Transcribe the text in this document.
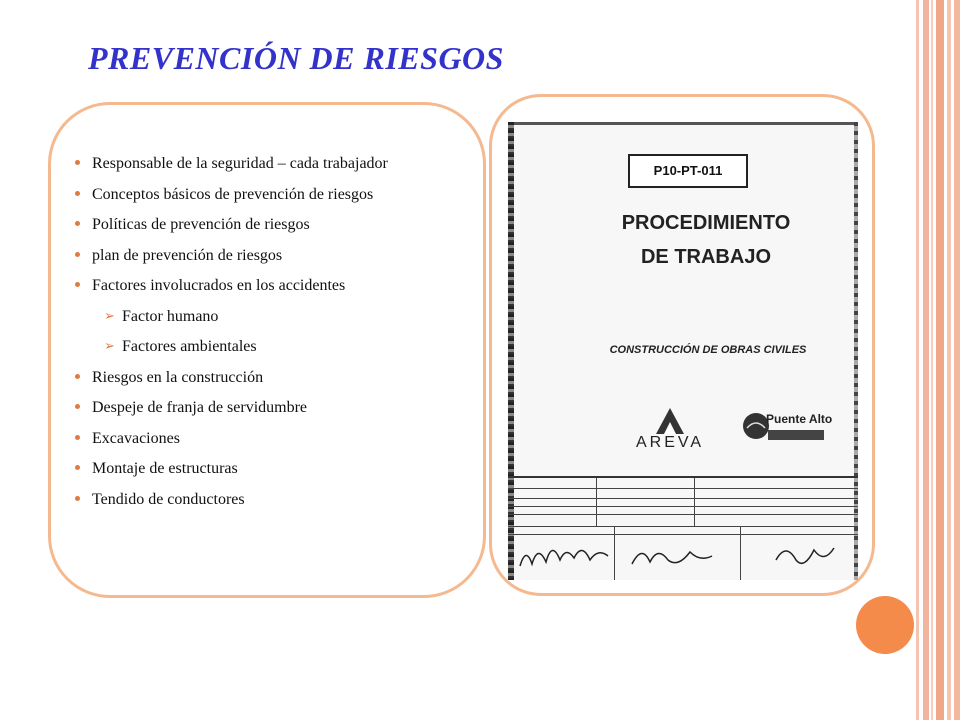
PREVENCIÓN DE RIESGOS
Responsable de la seguridad – cada trabajador
Conceptos básicos de prevención de riesgos
Políticas de prevención de riesgos
plan de prevención de riesgos
Factores involucrados en los accidentes
➢ Factor humano
➢ Factores ambientales
Riesgos en la construcción
Despeje de franja de servidumbre
Excavaciones
Montaje de estructuras
Tendido de conductores
P10-PT-011
PROCEDIMIENTO
DE TRABAJO
CONSTRUCCIÓN DE OBRAS CIVILES
AREVA
Puente Alto
